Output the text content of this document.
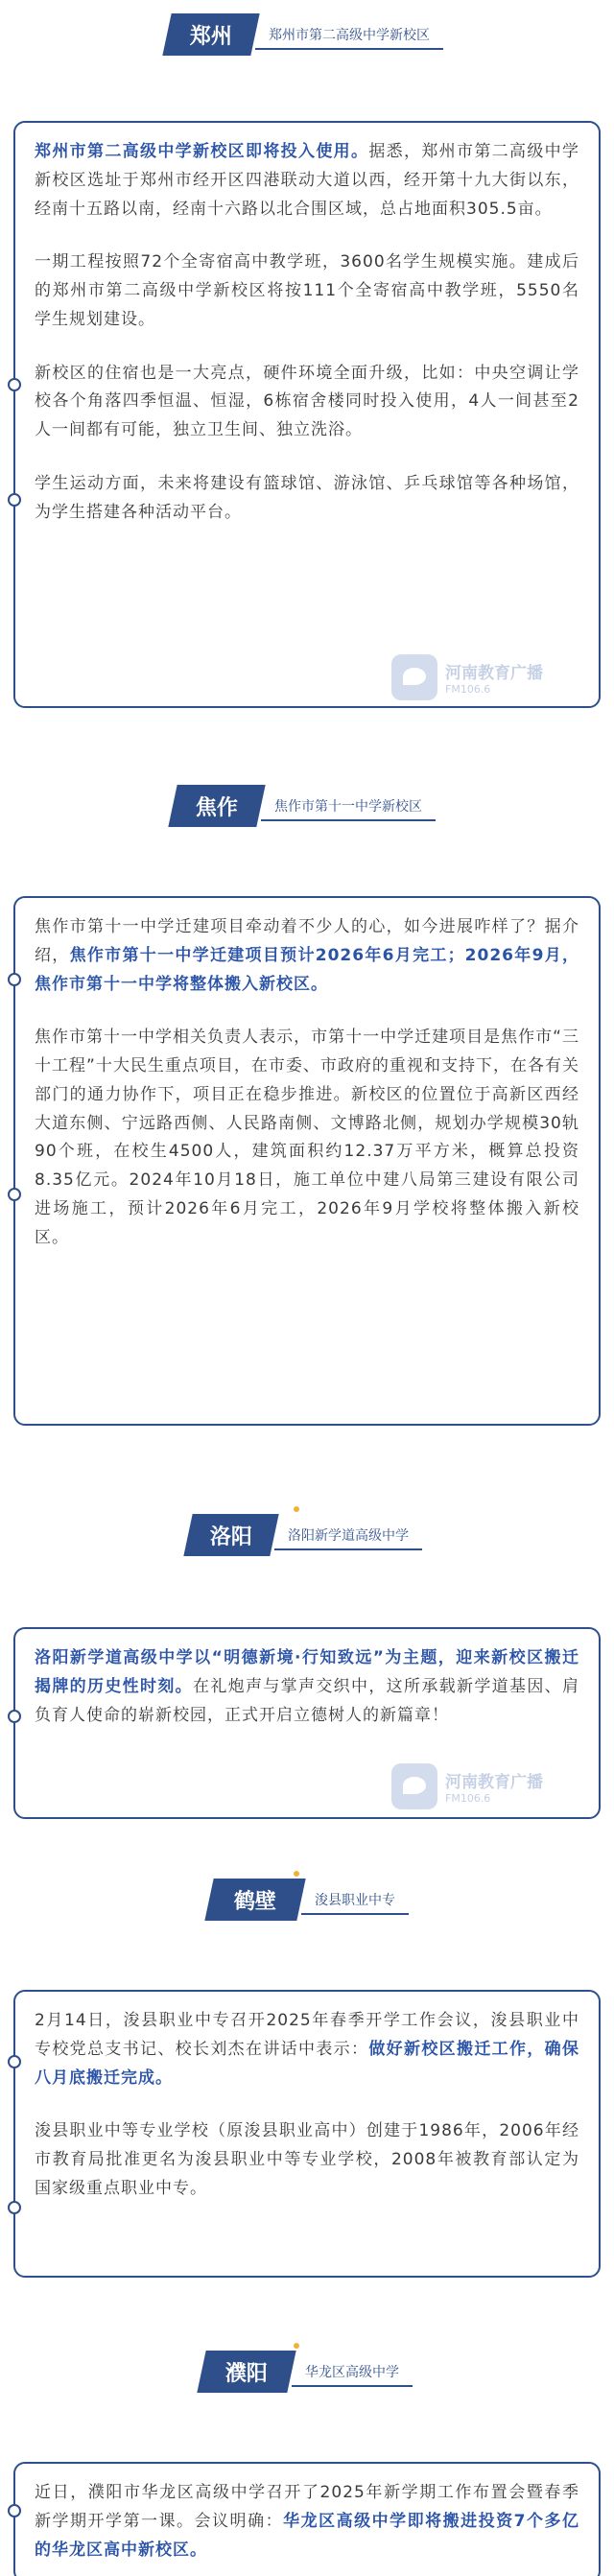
郑州	郑州市第二高级中学新校区

郑州市第二高级中学新校区即将投入使用。据悉，郑州市第二高级中学新校区选址于郑州市经开区四港联动大道以西，经开第十九大街以东，经南十五路以南，经南十六路以北合围区域，总占地面积305.5亩。

一期工程按照72个全寄宿高中教学班，3600名学生规模实施。建成后的郑州市第二高级中学新校区将按111个全寄宿高中教学班，5550名学生规划建设。

新校区的住宿也是一大亮点，硬件环境全面升级，比如：中央空调让学校各个角落四季恒温、恒湿，6栋宿舍楼同时投入使用，4人一间甚至2人一间都有可能，独立卫生间、独立洗浴。

学生运动方面，未来将建设有篮球馆、游泳馆、乒乓球馆等各种场馆，为学生搭建各种活动平台。

河南教育广播
FM106.6
焦作	焦作市第十一中学新校区

焦作市第十一中学迁建项目牵动着不少人的心，如今进展咋样了？据介绍，焦作市第十一中学迁建项目预计2026年6月完工；2026年9月，焦作市第十一中学将整体搬入新校区。

焦作市第十一中学相关负责人表示，市第十一中学迁建项目是焦作市“三十工程”十大民生重点项目，在市委、市政府的重视和支持下，在各有关部门的通力协作下，项目正在稳步推进。新校区的位置位于高新区西经大道东侧、宁远路西侧、人民路南侧、文博路北侧，规划办学规模30轨90个班，在校生4500人，建筑面积约12.37万平方米，概算总投资8.35亿元。2024年10月18日，施工单位中建八局第三建设有限公司进场施工，预计2026年6月完工，2026年9月学校将整体搬入新校区。

洛阳	洛阳新学道高级中学

洛阳新学道高级中学以“明德新境·行知致远”为主题，迎来新校区搬迁揭牌的历史性时刻。在礼炮声与掌声交织中，这所承载新学道基因、肩负育人使命的崭新校园，正式开启立德树人的新篇章！

河南教育广播
FM106.6
鹤壁	浚县职业中专

2月14日，浚县职业中专召开2025年春季开学工作会议，浚县职业中专校党总支书记、校长刘杰在讲话中表示：做好新校区搬迁工作，确保八月底搬迁完成。

浚县职业中等专业学校（原浚县职业高中）创建于1986年，2006年经市教育局批准更名为浚县职业中等专业学校，2008年被教育部认定为国家级重点职业中专。

濮阳	华龙区高级中学

近日，濮阳市华龙区高级中学召开了2025年新学期工作布置会暨春季新学期开学第一课。会议明确：华龙区高级中学即将搬进投资7个多亿的华龙区高中新校区。
